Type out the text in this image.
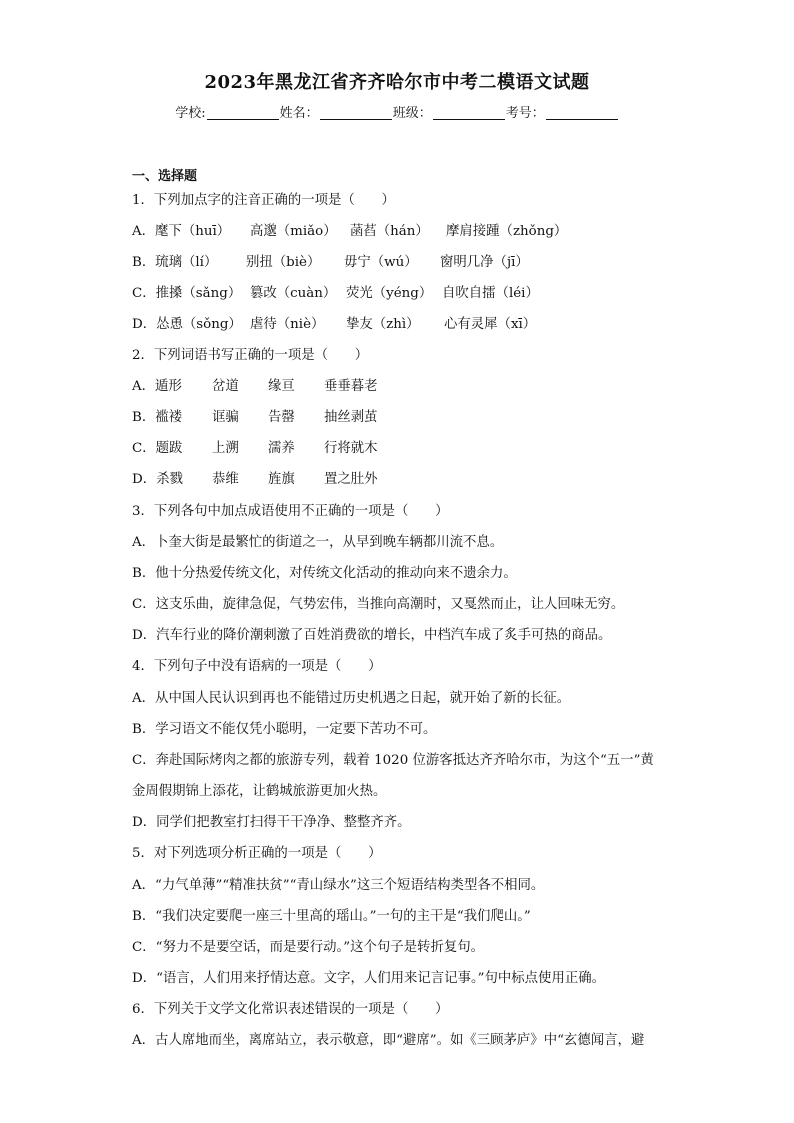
2023年黑龙江省齐齐哈尔市中考二模语文试题
学校:	姓名：	班级：	考号：
一、选择题
1．下列加点字的注音正确的一项是（　　）
A．麾下（huī） 高邈（miǎo） 菡萏（hán） 摩肩接踵（zhǒng）
B．琉璃（lí） 别扭（biè） 毋宁（wú） 窗明几净（jī）
C．推搡（sǎng） 篡改（cuàn） 荧光（yéng） 自吹自擂（léi）
D．怂恿（sǒng） 虐待（niè） 挚友（zhì） 心有灵犀（xī）
2．下列词语书写正确的一项是（　　）
A．遁形 岔道 缘亘 垂垂暮老
B．褴褛 诓骗 告罄 抽丝剥茧
C．题跋 上溯 濡养 行将就木
D．杀戮 恭维 旌旗 置之肚外
3．下列各句中加点成语使用不正确的一项是（　　）
A．卜奎大街是最繁忙的街道之一，从早到晚车辆都川流不息。
B．他十分热爱传统文化，对传统文化活动的推动向来不遗余力。
C．这支乐曲，旋律急促，气势宏伟，当推向高潮时，又戛然而止，让人回味无穷。
D．汽车行业的降价潮刺激了百姓消费欲的增长，中档汽车成了炙手可热的商品。
4．下列句子中没有语病的一项是（　　）
A．从中国人民认识到再也不能错过历史机遇之日起，就开始了新的长征。
B．学习语文不能仅凭小聪明，一定要下苦功不可。
C．奔赴国际烤肉之都的旅游专列，载着 1020 位游客抵达齐齐哈尔市，为这个“五一”黄
金周假期锦上添花，让鹤城旅游更加火热。
D．同学们把教室打扫得干干净净、整整齐齐。
5．对下列选项分析正确的一项是（　　）
A．“力气单薄”“精准扶贫”“青山绿水”这三个短语结构类型各不相同。
B．“我们决定要爬一座三十里高的瑶山。”一句的主干是“我们爬山。”
C．“努力不是要空话，而是要行动。”这个句子是转折复句。
D．“语言，人们用来抒情达意。文字，人们用来记言记事。”句中标点使用正确。
6．下列关于文学文化常识表述错误的一项是（　　）
A．古人席地而坐，离席站立，表示敬意，即“避席”。如《三顾茅庐》中“玄德闻言，避
